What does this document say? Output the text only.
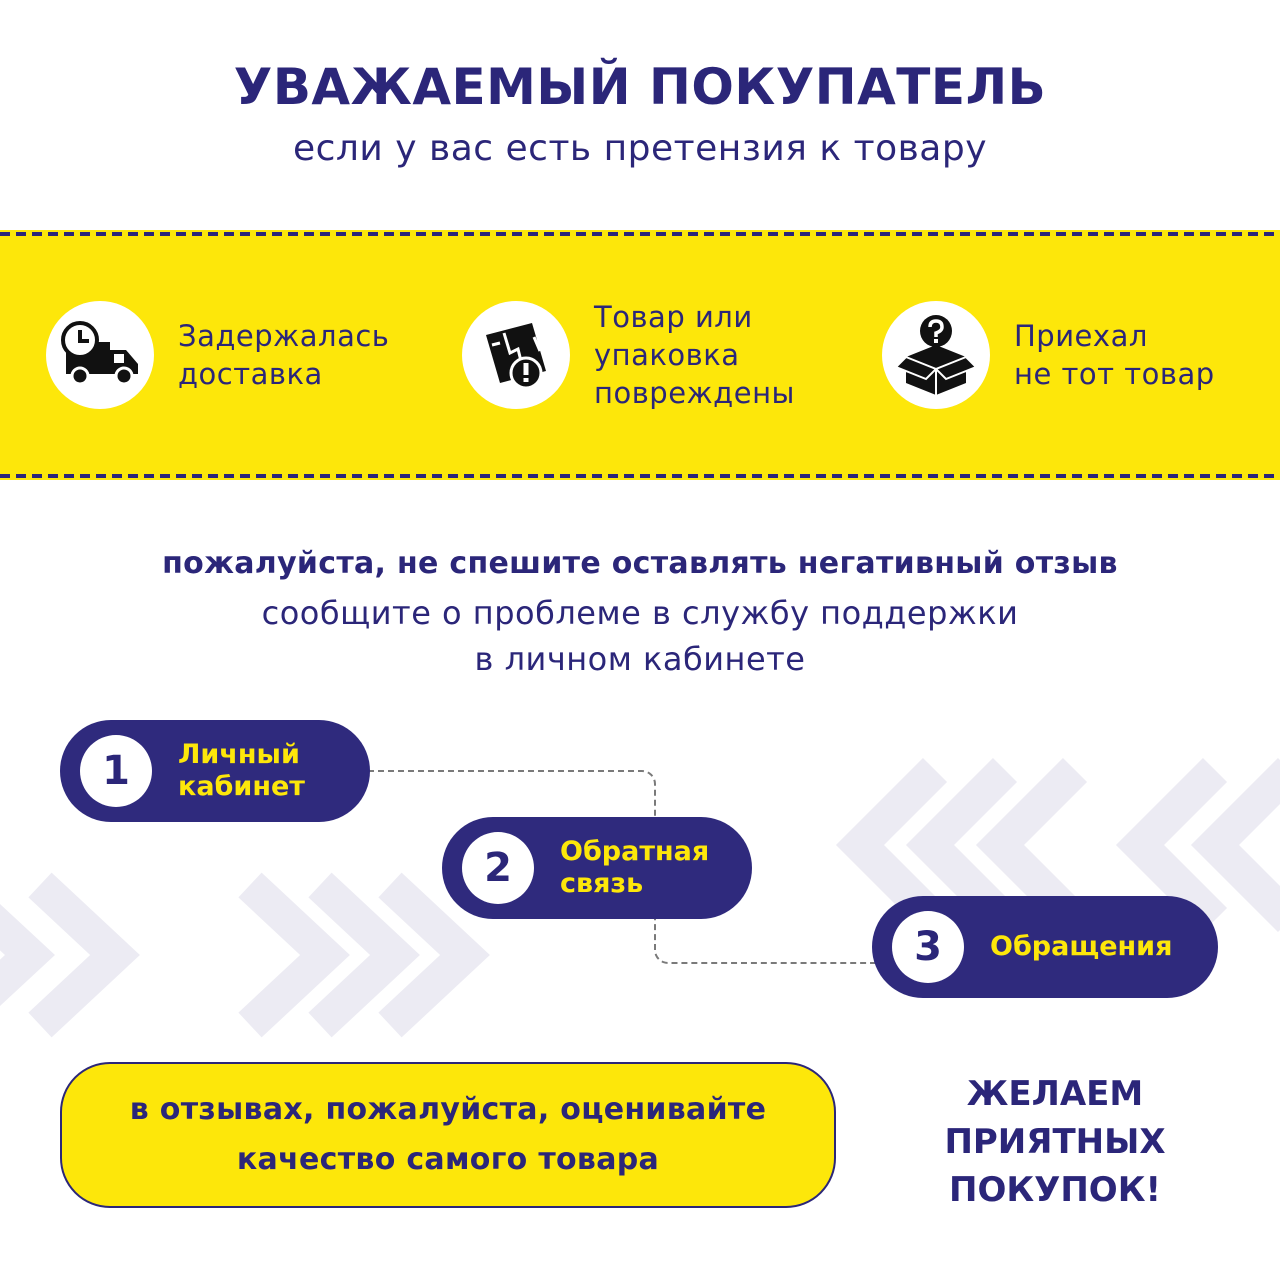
УВАЖАЕМЫЙ ПОКУПАТЕЛЬ
если у вас есть претензия к товару
Задержалась
доставка
Товар или
упаковка
повреждены
Приехал
не тот товар
пожалуйста, не спешите оставлять негативный отзыв
сообщите о проблеме в службу поддержки
в личном кабинете
1	Личный
кабинет
2	Обратная
связь
3	Обращения
в отзывах, пожалуйста, оценивайте
качество самого товара
ЖЕЛАЕМ
ПРИЯТНЫХ
ПОКУПОК!
